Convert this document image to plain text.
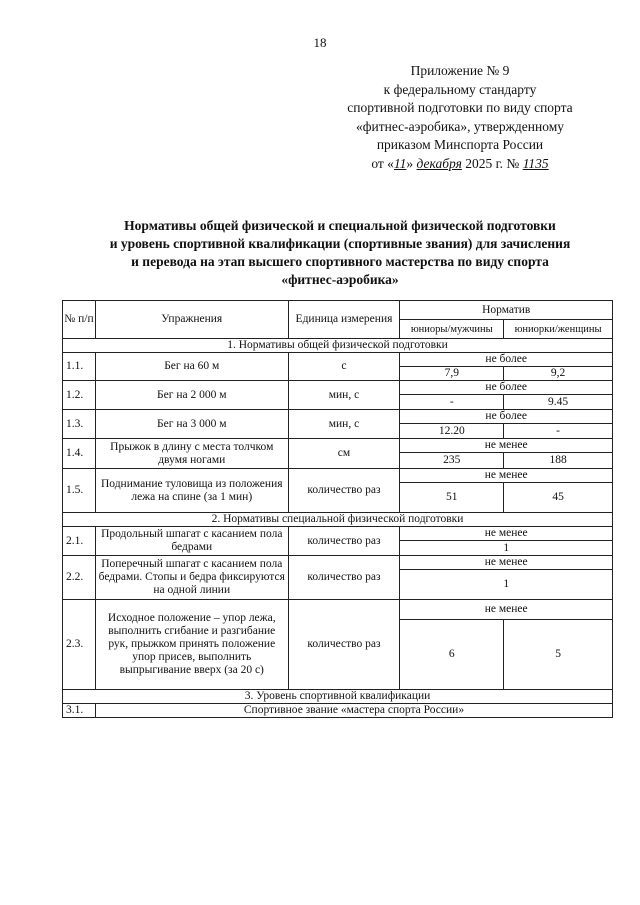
18
Приложение № 9
к федеральному стандарту
спортивной подготовки по виду спорта
«фитнес-аэробика», утвержденному
приказом Минспорта России
от «11» декабря 2025 г. № 1135
Нормативы общей физической и специальной физической подготовки
и уровень спортивной квалификации (спортивные звания) для зачисления
и перевода на этап высшего спортивного мастерства по виду спорта
«фитнес-аэробика»
№ п/п	Упражнения	Единица измерения	Норматив	
			юниоры/мужчины	юниорки/женщины
1. Нормативы общей физической подготовки				
1.1.	Бег на 60 м	с	не более	
			7,9	9,2
1.2.	Бег на 2 000 м	мин, с	не более	
			-	9.45
1.3.	Бег на 3 000 м	мин, с	не более	
			12.20	-
1.4.	Прыжок в длину с места толчком двумя ногами	см	не менее	
			235	188
1.5.	Поднимание туловища из положения лежа на спине (за 1 мин)	количество раз	не менее	
			51	45
2. Нормативы специальной физической подготовки				
2.1.	Продольный шпагат с касанием пола бедрами	количество раз	не менее	
			1	
2.2.	Поперечный шпагат с касанием пола бедрами. Стопы и бедра фиксируются на одной линии	количество раз	не менее	
			1	
2.3.	Исходное положение – упор лежа, выполнить сгибание и разгибание рук, прыжком принять положение упор присев, выполнить выпрыгивание вверх (за 20 с)	количество раз	не менее	
			6	5
3. Уровень спортивной квалификации				
3.1.	Спортивное звание «мастера спорта России»			
